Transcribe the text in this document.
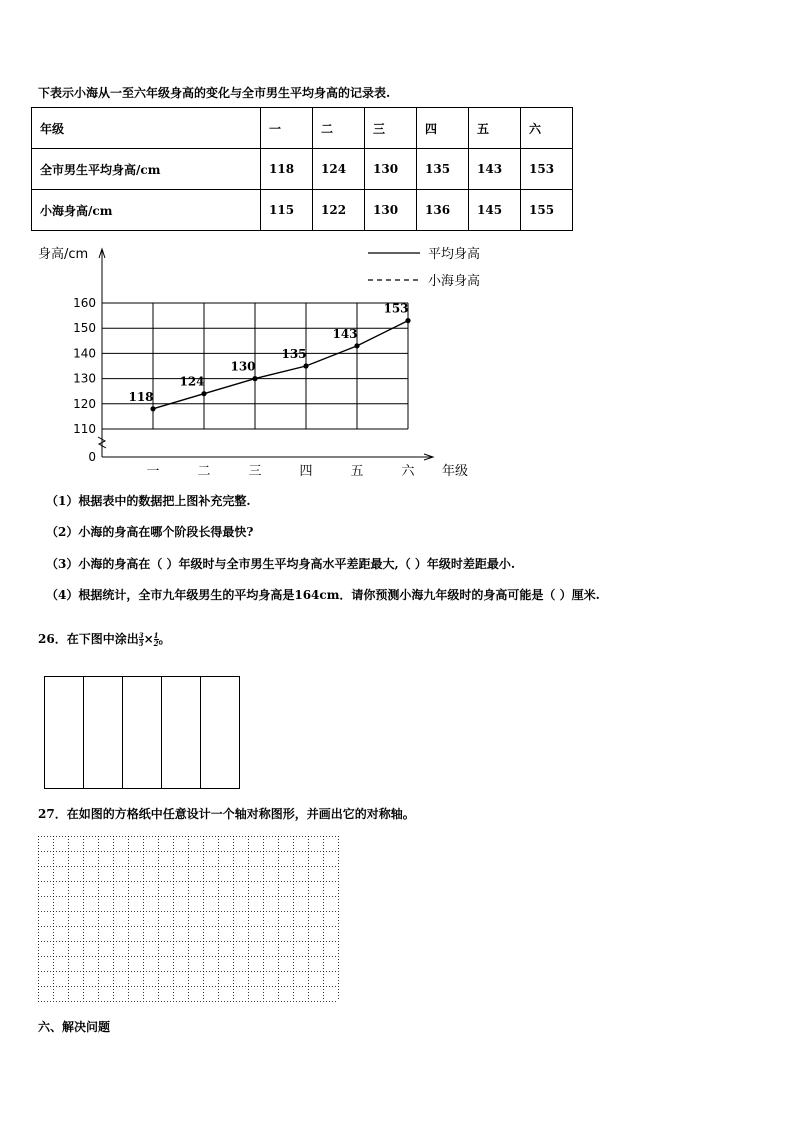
下表示小海从一至六年级身高的变化与全市男生平均身高的记录表.
年级	一	二	三	四	五	六
全市男生平均身高/cm	118	124	130	135	143	153
小海身高/cm	115	122	130	136	145	155
160
150
140
130
120
110
0
身高/cm
一	二	三	四	五	六 年级
118
124
130
135
143
153
平均身高
小海身高
（1）根据表中的数据把上图补充完整.
（2）小海的身高在哪个阶段长得最快?
（3）小海的身高在（ ）年级时与全市男生平均身高水平差距最大,（ ）年级时差距最小.
（4）根据统计，全市九年级男生的平均身高是164cm．请你预测小海九年级时的身高可能是（ ）厘米.
26．在下图中涂出 $\frac{3}{5} \times \frac{1}{2}$ 。
27．在如图的方格纸中任意设计一个轴对称图形，并画出它的对称轴。
六、解决问题
